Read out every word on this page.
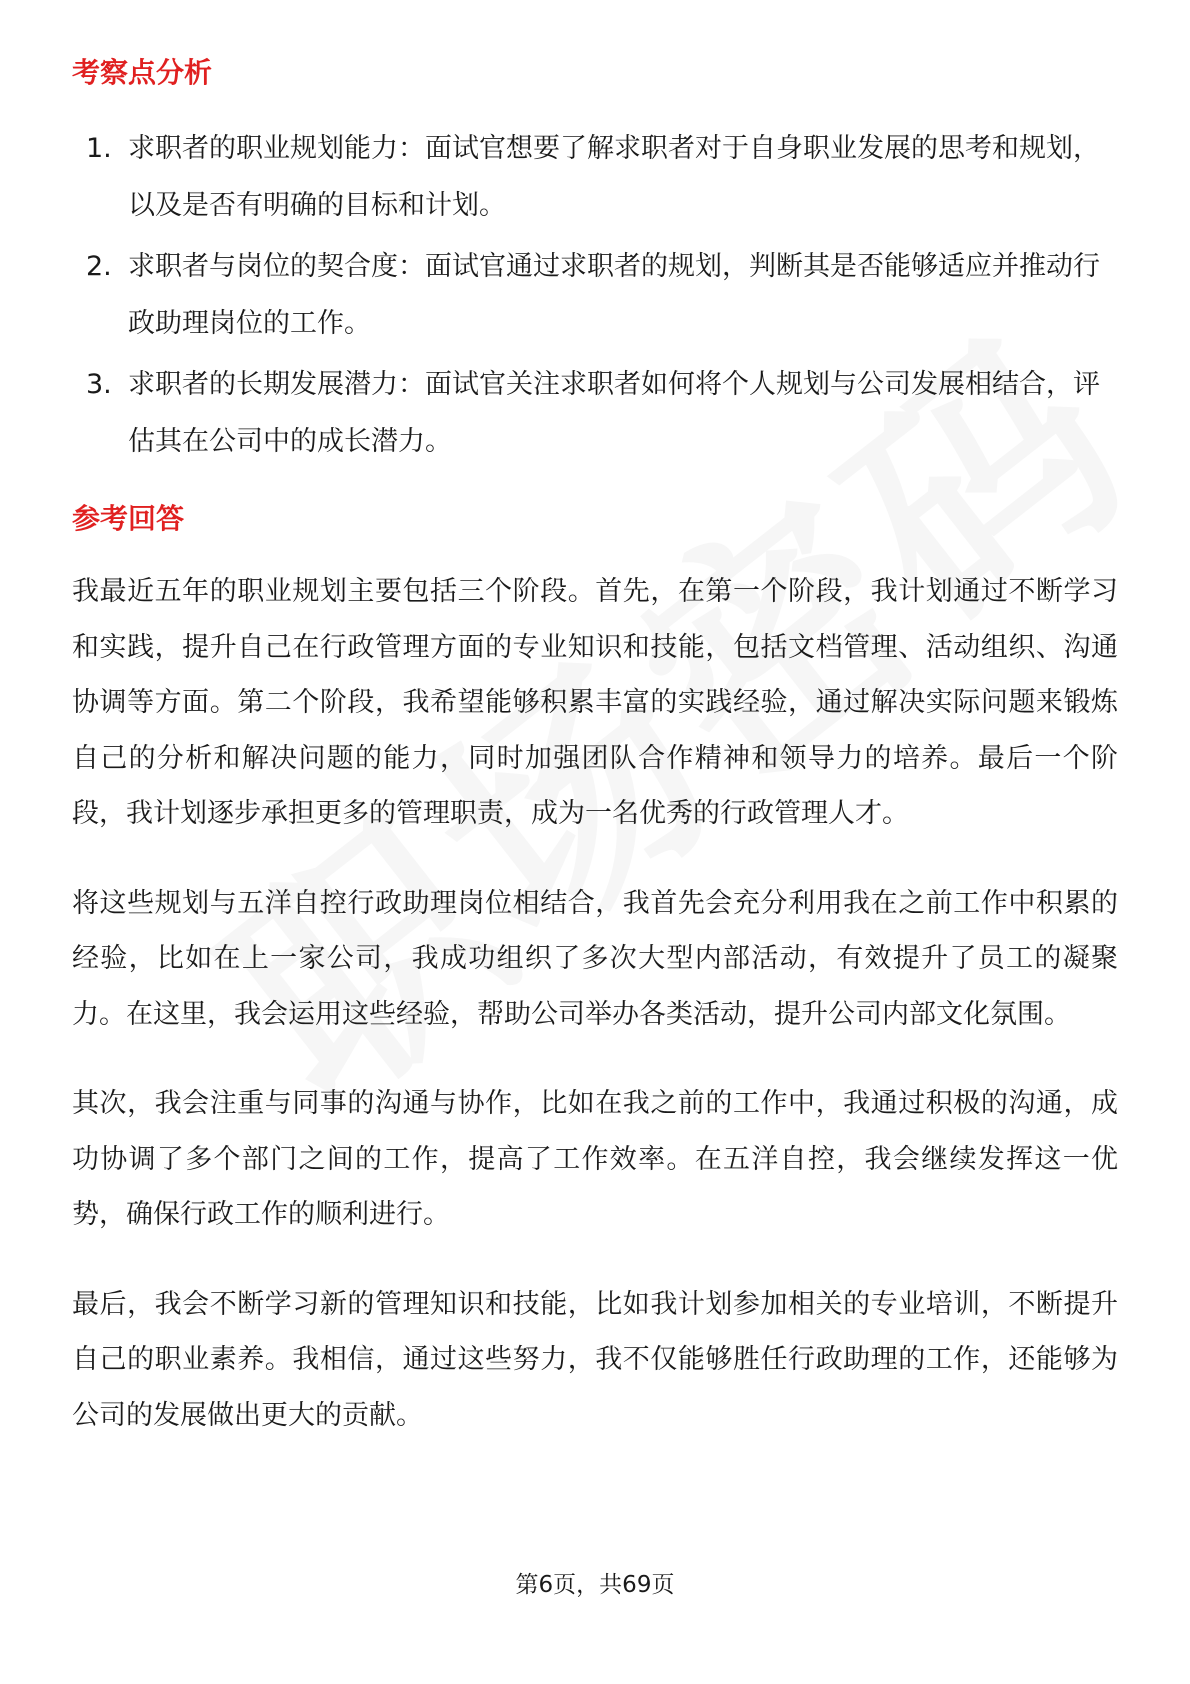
考察点分析
1. 求职者的职业规划能力：面试官想要了解求职者对于自身职业发展的思考和规划，以及是否有明确的目标和计划。
2. 求职者与岗位的契合度：面试官通过求职者的规划，判断其是否能够适应并推动行政助理岗位的工作。
3. 求职者的长期发展潜力：面试官关注求职者如何将个人规划与公司发展相结合，评估其在公司中的成长潜力。
参考回答

我最近五年的职业规划主要包括三个阶段。首先，在第一个阶段，我计划通过不断学习和实践，提升自己在行政管理方面的专业知识和技能，包括文档管理、活动组织、沟通协调等方面。第二个阶段，我希望能够积累丰富的实践经验，通过解决实际问题来锻炼自己的分析和解决问题的能力，同时加强团队合作精神和领导力的培养。最后一个阶段，我计划逐步承担更多的管理职责，成为一名优秀的行政管理人才。

将这些规划与五洋自控行政助理岗位相结合，我首先会充分利用我在之前工作中积累的经验，比如在上一家公司，我成功组织了多次大型内部活动，有效提升了员工的凝聚力。在这里，我会运用这些经验，帮助公司举办各类活动，提升公司内部文化氛围。

其次，我会注重与同事的沟通与协作，比如在我之前的工作中，我通过积极的沟通，成功协调了多个部门之间的工作，提高了工作效率。在五洋自控，我会继续发挥这一优势，确保行政工作的顺利进行。

最后，我会不断学习新的管理知识和技能，比如我计划参加相关的专业培训，不断提升自己的职业素养。我相信，通过这些努力，我不仅能够胜任行政助理的工作，还能够为公司的发展做出更大的贡献。

第6页，共69页
